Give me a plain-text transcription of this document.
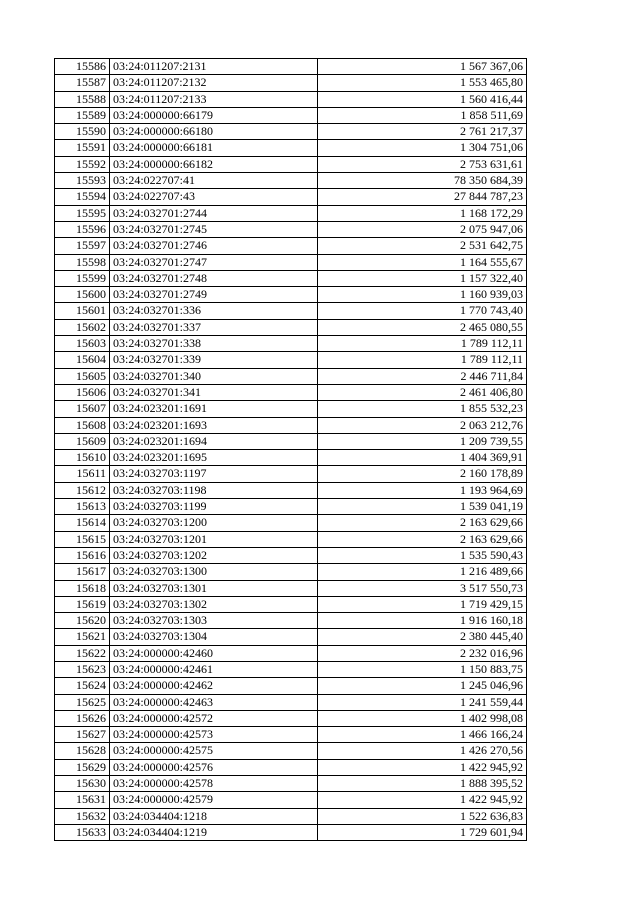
15586	03:24:011207:2131	1 567 367,06
15587	03:24:011207:2132	1 553 465,80
15588	03:24:011207:2133	1 560 416,44
15589	03:24:000000:66179	1 858 511,69
15590	03:24:000000:66180	2 761 217,37
15591	03:24:000000:66181	1 304 751,06
15592	03:24:000000:66182	2 753 631,61
15593	03:24:022707:41	78 350 684,39
15594	03:24:022707:43	27 844 787,23
15595	03:24:032701:2744	1 168 172,29
15596	03:24:032701:2745	2 075 947,06
15597	03:24:032701:2746	2 531 642,75
15598	03:24:032701:2747	1 164 555,67
15599	03:24:032701:2748	1 157 322,40
15600	03:24:032701:2749	1 160 939,03
15601	03:24:032701:336	1 770 743,40
15602	03:24:032701:337	2 465 080,55
15603	03:24:032701:338	1 789 112,11
15604	03:24:032701:339	1 789 112,11
15605	03:24:032701:340	2 446 711,84
15606	03:24:032701:341	2 461 406,80
15607	03:24:023201:1691	1 855 532,23
15608	03:24:023201:1693	2 063 212,76
15609	03:24:023201:1694	1 209 739,55
15610	03:24:023201:1695	1 404 369,91
15611	03:24:032703:1197	2 160 178,89
15612	03:24:032703:1198	1 193 964,69
15613	03:24:032703:1199	1 539 041,19
15614	03:24:032703:1200	2 163 629,66
15615	03:24:032703:1201	2 163 629,66
15616	03:24:032703:1202	1 535 590,43
15617	03:24:032703:1300	1 216 489,66
15618	03:24:032703:1301	3 517 550,73
15619	03:24:032703:1302	1 719 429,15
15620	03:24:032703:1303	1 916 160,18
15621	03:24:032703:1304	2 380 445,40
15622	03:24:000000:42460	2 232 016,96
15623	03:24:000000:42461	1 150 883,75
15624	03:24:000000:42462	1 245 046,96
15625	03:24:000000:42463	1 241 559,44
15626	03:24:000000:42572	1 402 998,08
15627	03:24:000000:42573	1 466 166,24
15628	03:24:000000:42575	1 426 270,56
15629	03:24:000000:42576	1 422 945,92
15630	03:24:000000:42578	1 888 395,52
15631	03:24:000000:42579	1 422 945,92
15632	03:24:034404:1218	1 522 636,83
15633	03:24:034404:1219	1 729 601,94
